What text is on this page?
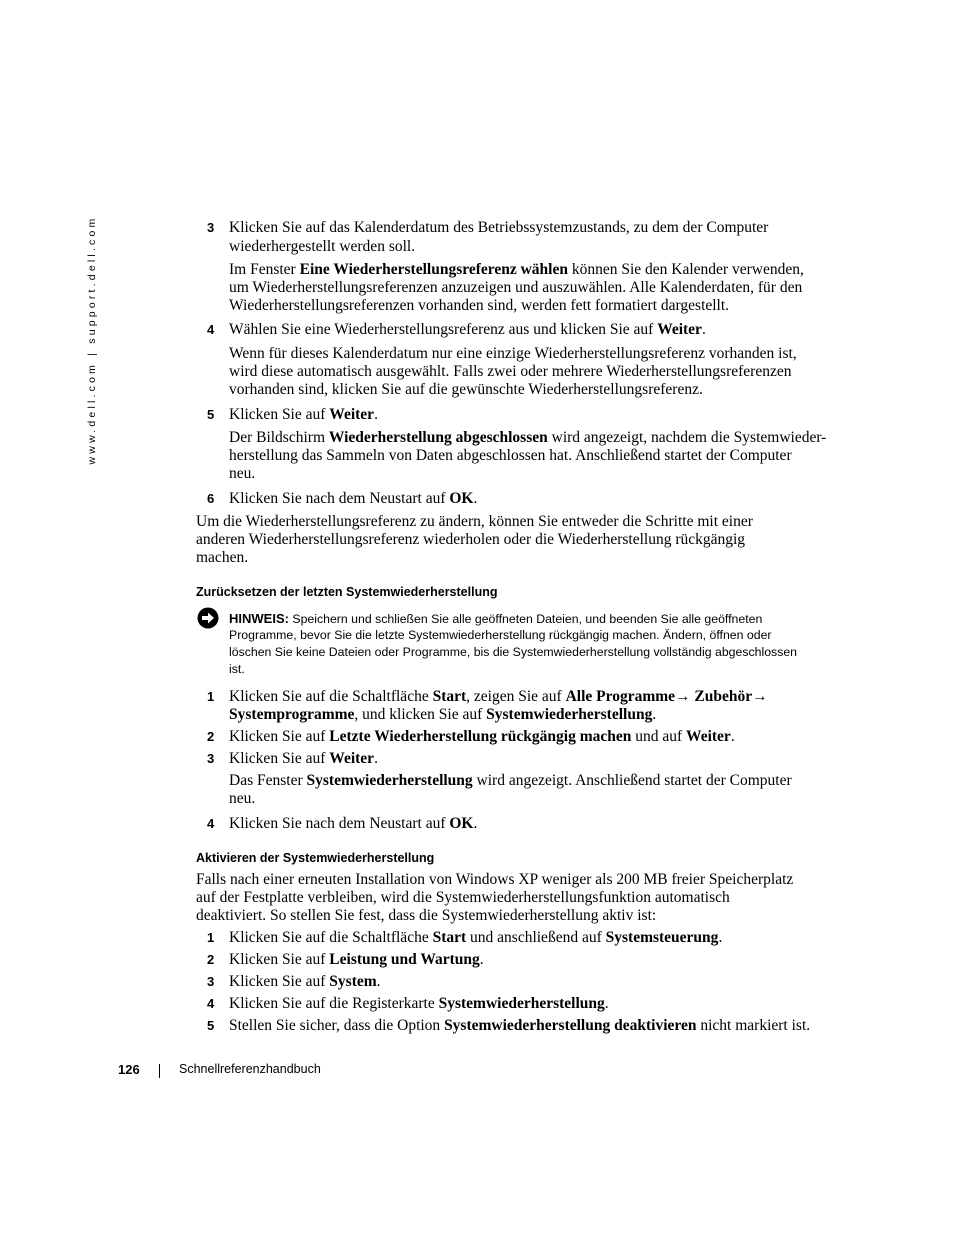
www.dell.com | support.dell.com	3 Klicken Sie auf das Kalenderdatum des Betriebssystemzustands, zu dem der Computer
wiederhergestellt werden soll.
Im Fenster Eine Wiederherstellungsreferenz wählen können Sie den Kalender verwenden,
um Wiederherstellungsreferenzen anzuzeigen und auszuwählen. Alle Kalenderdaten, für den
Wiederherstellungsreferenzen vorhanden sind, werden fett formatiert dargestellt.
4 Wählen Sie eine Wiederherstellungsreferenz aus und klicken Sie auf Weiter.
Wenn für dieses Kalenderdatum nur eine einzige Wiederherstellungsreferenz vorhanden ist,
wird diese automatisch ausgewählt. Falls zwei oder mehrere Wiederherstellungsreferenzen
vorhanden sind, klicken Sie auf die gewünschte Wiederherstellungsreferenz.
5 Klicken Sie auf Weiter.
Der Bildschirm Wiederherstellung abgeschlossen wird angezeigt, nachdem die Systemwieder-
herstellung das Sammeln von Daten abgeschlossen hat. Anschließend startet der Computer
neu.
6 Klicken Sie nach dem Neustart auf OK.
Um die Wiederherstellungsreferenz zu ändern, können Sie entweder die Schritte mit einer
anderen Wiederherstellungsreferenz wiederholen oder die Wiederherstellung rückgängig
machen.
Zurücksetzen der letzten Systemwiederherstellung
HINWEIS: Speichern und schließen Sie alle geöffneten Dateien, und beenden Sie alle geöffneten
Programme, bevor Sie die letzte Systemwiederherstellung rückgängig machen. Ändern, öffnen oder
löschen Sie keine Dateien oder Programme, bis die Systemwiederherstellung vollständig abgeschlossen
ist.
1 Klicken Sie auf die Schaltfläche Start, zeigen Sie auf Alle Programme→ Zubehör→
Systemprogramme, und klicken Sie auf Systemwiederherstellung.
2 Klicken Sie auf Letzte Wiederherstellung rückgängig machen und auf Weiter.
3 Klicken Sie auf Weiter.
Das Fenster Systemwiederherstellung wird angezeigt. Anschließend startet der Computer
neu.
4 Klicken Sie nach dem Neustart auf OK.
Aktivieren der Systemwiederherstellung
Falls nach einer erneuten Installation von Windows XP weniger als 200 MB freier Speicherplatz
auf der Festplatte verbleiben, wird die Systemwiederherstellungsfunktion automatisch
deaktiviert. So stellen Sie fest, dass die Systemwiederherstellung aktiv ist:
1 Klicken Sie auf die Schaltfläche Start und anschließend auf Systemsteuerung.
2 Klicken Sie auf Leistung und Wartung.
3 Klicken Sie auf System.
4 Klicken Sie auf die Registerkarte Systemwiederherstellung.
5 Stellen Sie sicher, dass die Option Systemwiederherstellung deaktivieren nicht markiert ist.
126	Schnellreferenzhandbuch
